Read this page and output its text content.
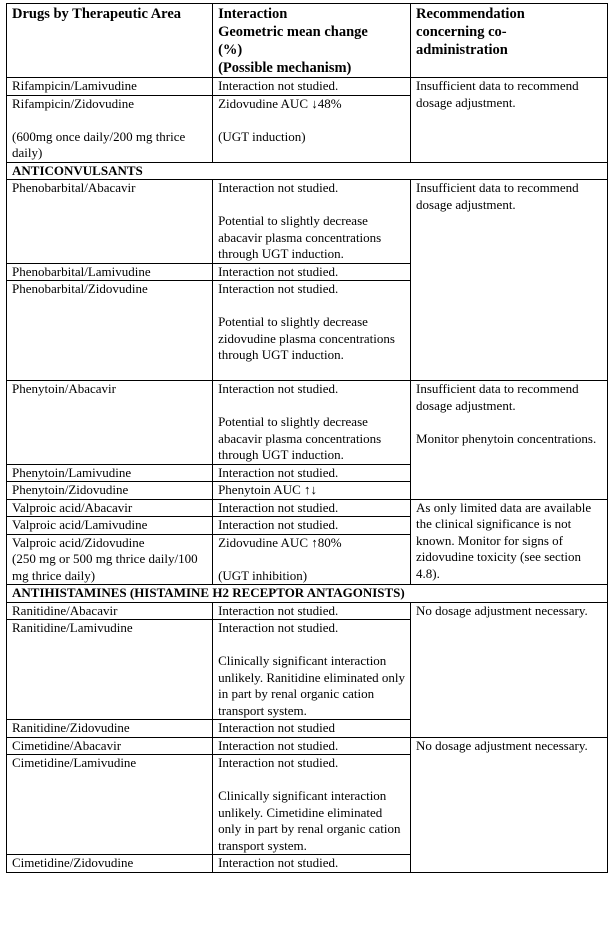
Drugs by Therapeutic Area	Interaction
Geometric mean change
(%)
(Possible mechanism)	Recommendation
concerning co-
administration

Rifampicin/Lamivudine	Interaction not studied.	Insufficient data to recommend dosage adjustment.

Rifampicin/Zidovudine
(600mg once daily/200 mg thrice daily)	Zidovudine AUC ↓48%
(UGT induction)	

ANTICONVULSANTS		
Phenobarbital/Abacavir	Interaction not studied.
Potential to slightly decrease abacavir plasma concentrations through UGT induction.	Insufficient data to recommend dosage adjustment.
Phenobarbital/Lamivudine	Interaction not studied.	
Phenobarbital/Zidovudine	Interaction not studied.
Potential to slightly decrease zidovudine plasma concentrations through UGT induction.	

Phenytoin/Abacavir	Interaction not studied.
Potential to slightly decrease abacavir plasma concentrations through UGT induction.	Insufficient data to recommend dosage adjustment.
Monitor phenytoin concentrations.

Phenytoin/Lamivudine	Interaction not studied.	
Phenytoin/Zidovudine	Phenytoin AUC ↑↓	
Valproic acid/Abacavir	Interaction not studied.	As only limited data are available the clinical significance is not known. Monitor for signs of zidovudine toxicity (see section 4.8).
Valproic acid/Lamivudine	Interaction not studied.	

Valproic acid/Zidovudine
(250 mg or 500 mg thrice daily/100 mg thrice daily)	Zidovudine AUC ↑80%
(UGT inhibition)	

ANTIHISTAMINES (HISTAMINE H2 RECEPTOR ANTAGONISTS)		
Ranitidine/Abacavir	Interaction not studied.	No dosage adjustment necessary.
Ranitidine/Lamivudine	Interaction not studied.
Clinically significant interaction unlikely. Ranitidine eliminated only in part by renal organic cation transport system.	

Ranitidine/Zidovudine	Interaction not studied	
Cimetidine/Abacavir	Interaction not studied.	No dosage adjustment necessary.
Cimetidine/Lamivudine	Interaction not studied.
Clinically significant interaction unlikely. Cimetidine eliminated only in part by renal organic cation transport system.	

Cimetidine/Zidovudine	Interaction not studied.	
